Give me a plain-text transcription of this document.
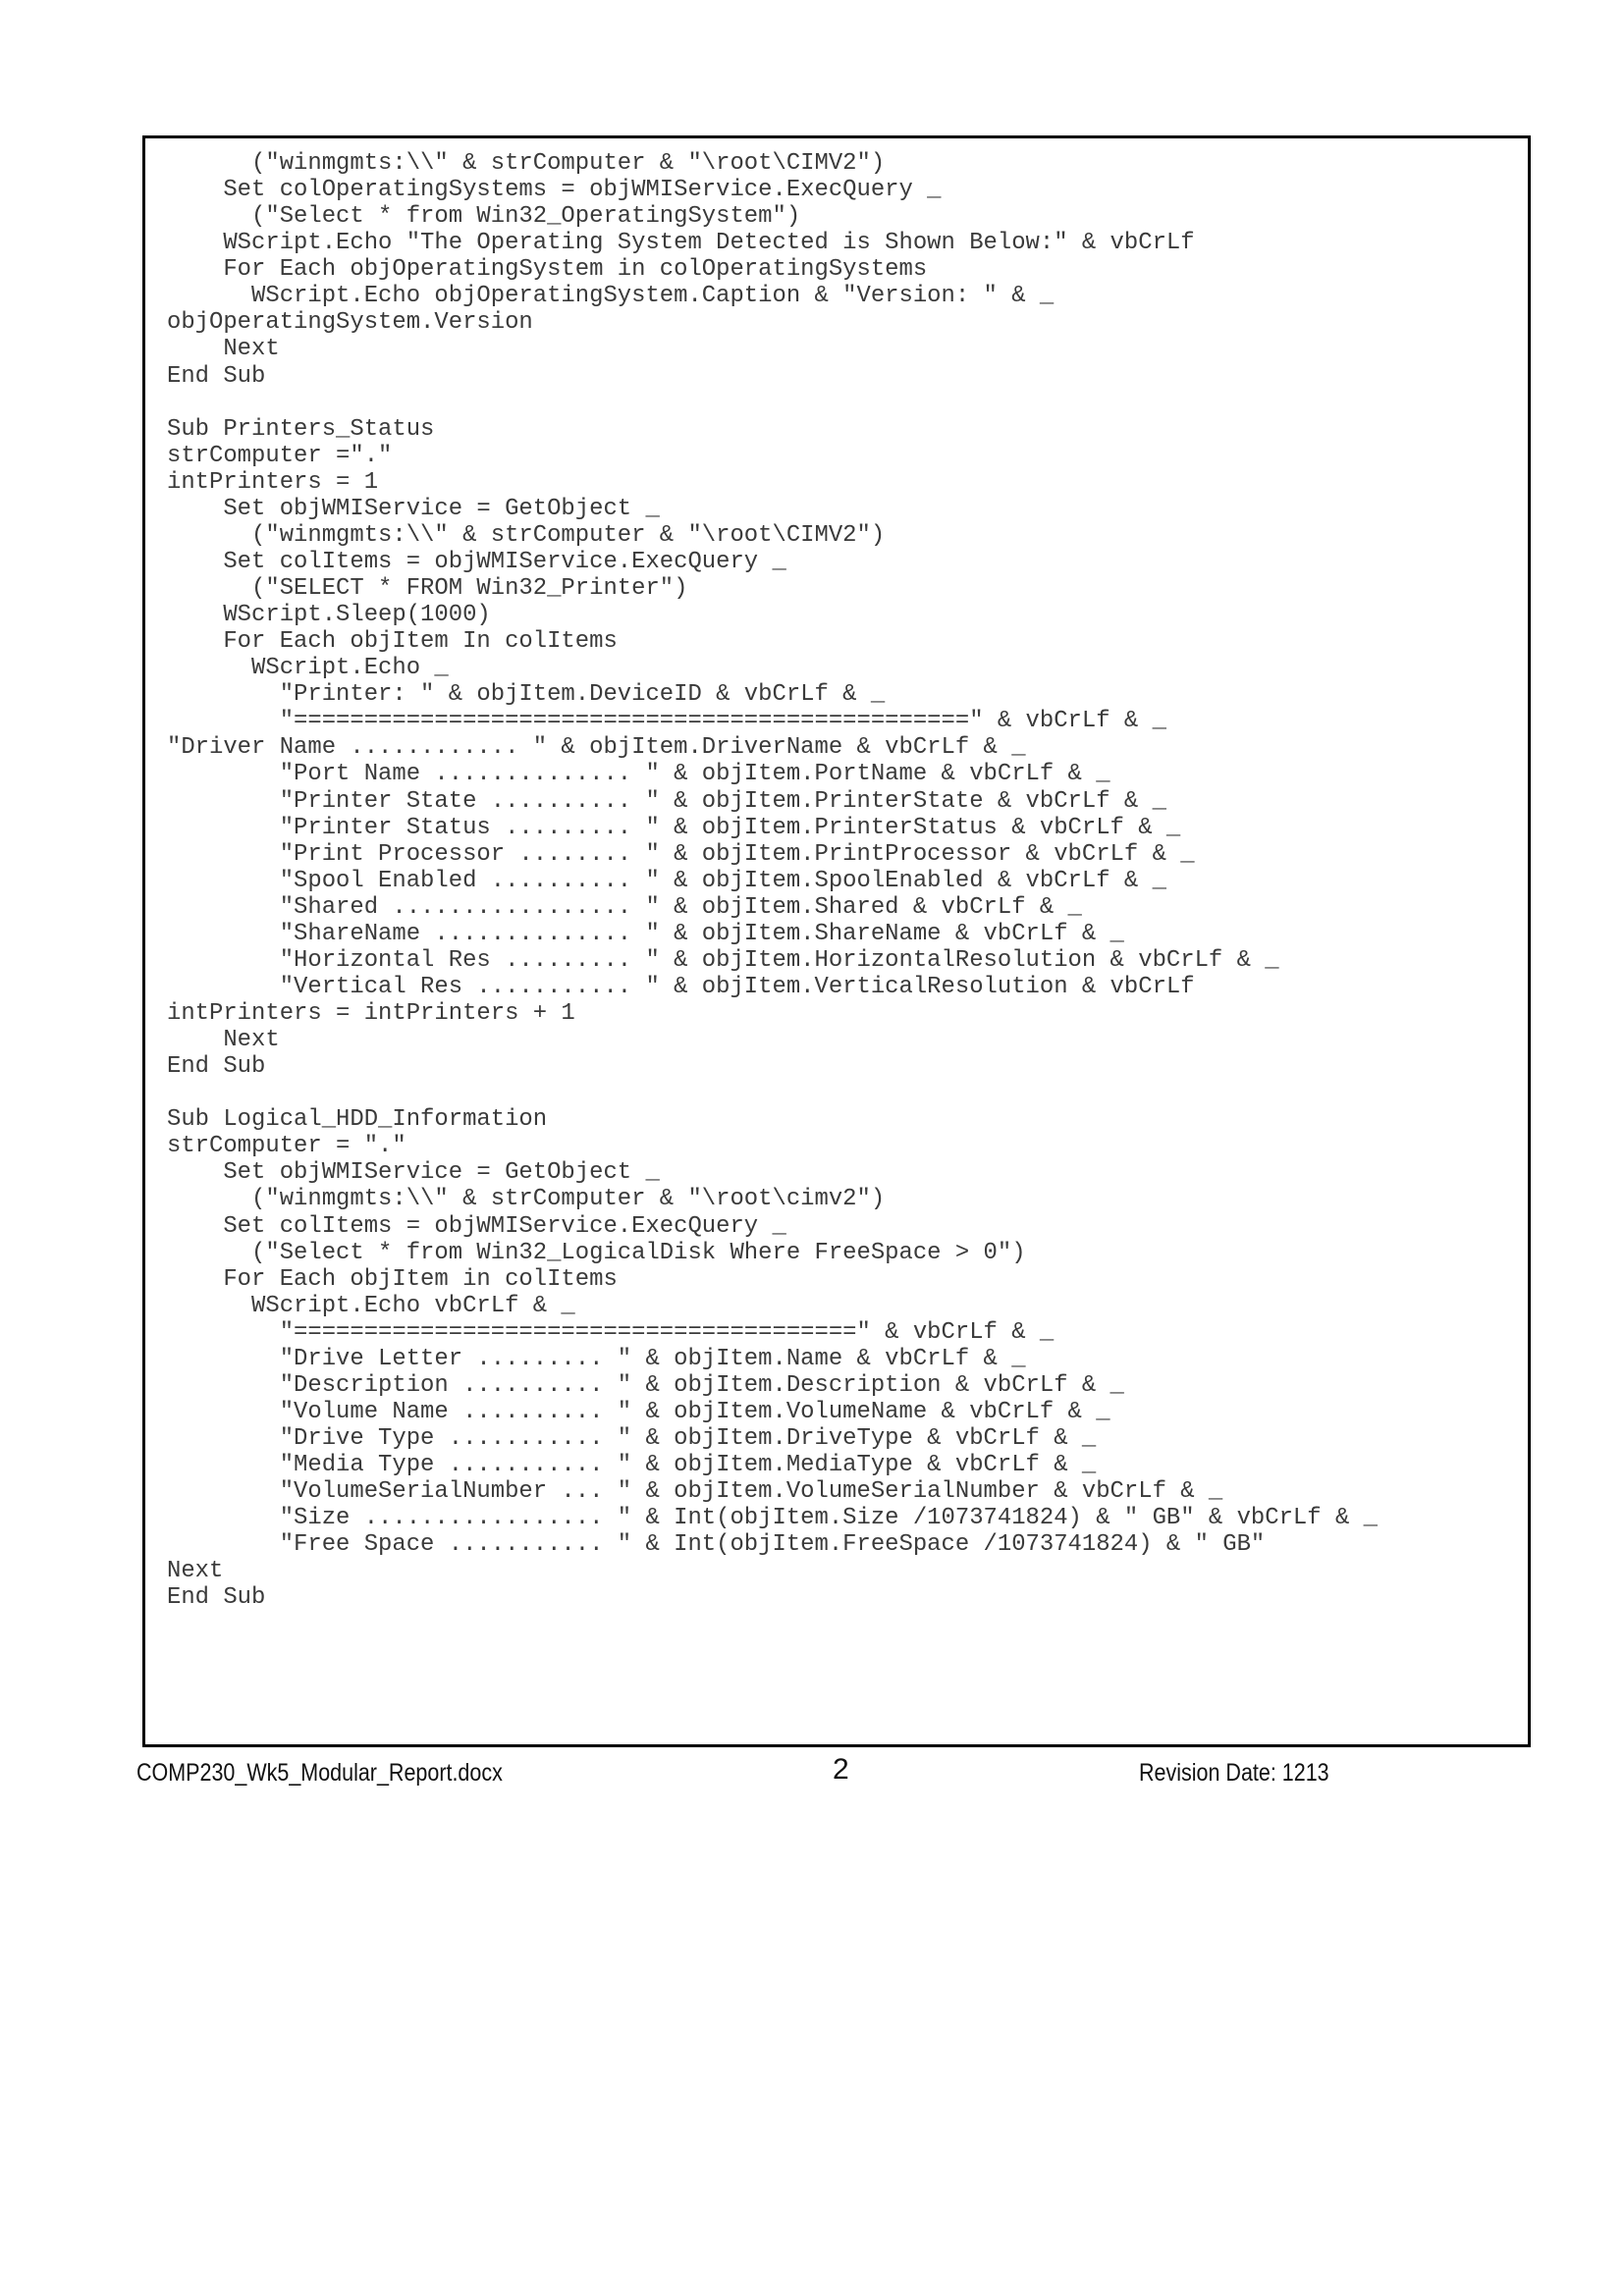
("winmgmts:\\" & strComputer & "\root\CIMV2")
Set colOperatingSystems = objWMIService.ExecQuery _
("Select * from Win32_OperatingSystem")
WScript.Echo "The Operating System Detected is Shown Below:" & vbCrLf
For Each objOperatingSystem in colOperatingSystems
WScript.Echo objOperatingSystem.Caption & "Version: " & _
objOperatingSystem.Version
Next
End Sub
Sub Printers_Status
strComputer ="."
intPrinters = 1
Set objWMIService = GetObject _
("winmgmts:\\" & strComputer & "\root\CIMV2")
Set colItems = objWMIService.ExecQuery _
("SELECT * FROM Win32_Printer")
WScript.Sleep(1000)
For Each objItem In colItems
WScript.Echo _
"Printer: " & objItem.DeviceID & vbCrLf & _
"================================================" & vbCrLf & _
"Driver Name ............ " & objItem.DriverName & vbCrLf & _
"Port Name .............. " & objItem.PortName & vbCrLf & _
"Printer State .......... " & objItem.PrinterState & vbCrLf & _
"Printer Status ......... " & objItem.PrinterStatus & vbCrLf & _
"Print Processor ........ " & objItem.PrintProcessor & vbCrLf & _
"Spool Enabled .......... " & objItem.SpoolEnabled & vbCrLf & _
"Shared ................. " & objItem.Shared & vbCrLf & _
"ShareName .............. " & objItem.ShareName & vbCrLf & _
"Horizontal Res ......... " & objItem.HorizontalResolution & vbCrLf & _
"Vertical Res ........... " & objItem.VerticalResolution & vbCrLf
intPrinters = intPrinters + 1
Next
End Sub
Sub Logical_HDD_Information
strComputer = "."
Set objWMIService = GetObject _
("winmgmts:\\" & strComputer & "\root\cimv2")
Set colItems = objWMIService.ExecQuery _
("Select * from Win32_LogicalDisk Where FreeSpace > 0")
For Each objItem in colItems
WScript.Echo vbCrLf & _
"========================================" & vbCrLf & _
"Drive Letter ......... " & objItem.Name & vbCrLf & _
"Description .......... " & objItem.Description & vbCrLf & _
"Volume Name .......... " & objItem.VolumeName & vbCrLf & _
"Drive Type ........... " & objItem.DriveType & vbCrLf & _
"Media Type ........... " & objItem.MediaType & vbCrLf & _
"VolumeSerialNumber ... " & objItem.VolumeSerialNumber & vbCrLf & _
"Size ................. " & Int(objItem.Size /1073741824) & " GB" & vbCrLf & _
"Free Space ........... " & Int(objItem.FreeSpace /1073741824) & " GB"
Next
End Sub
COMP230_Wk5_Modular_Report.docx	2	Revision Date: 1213
